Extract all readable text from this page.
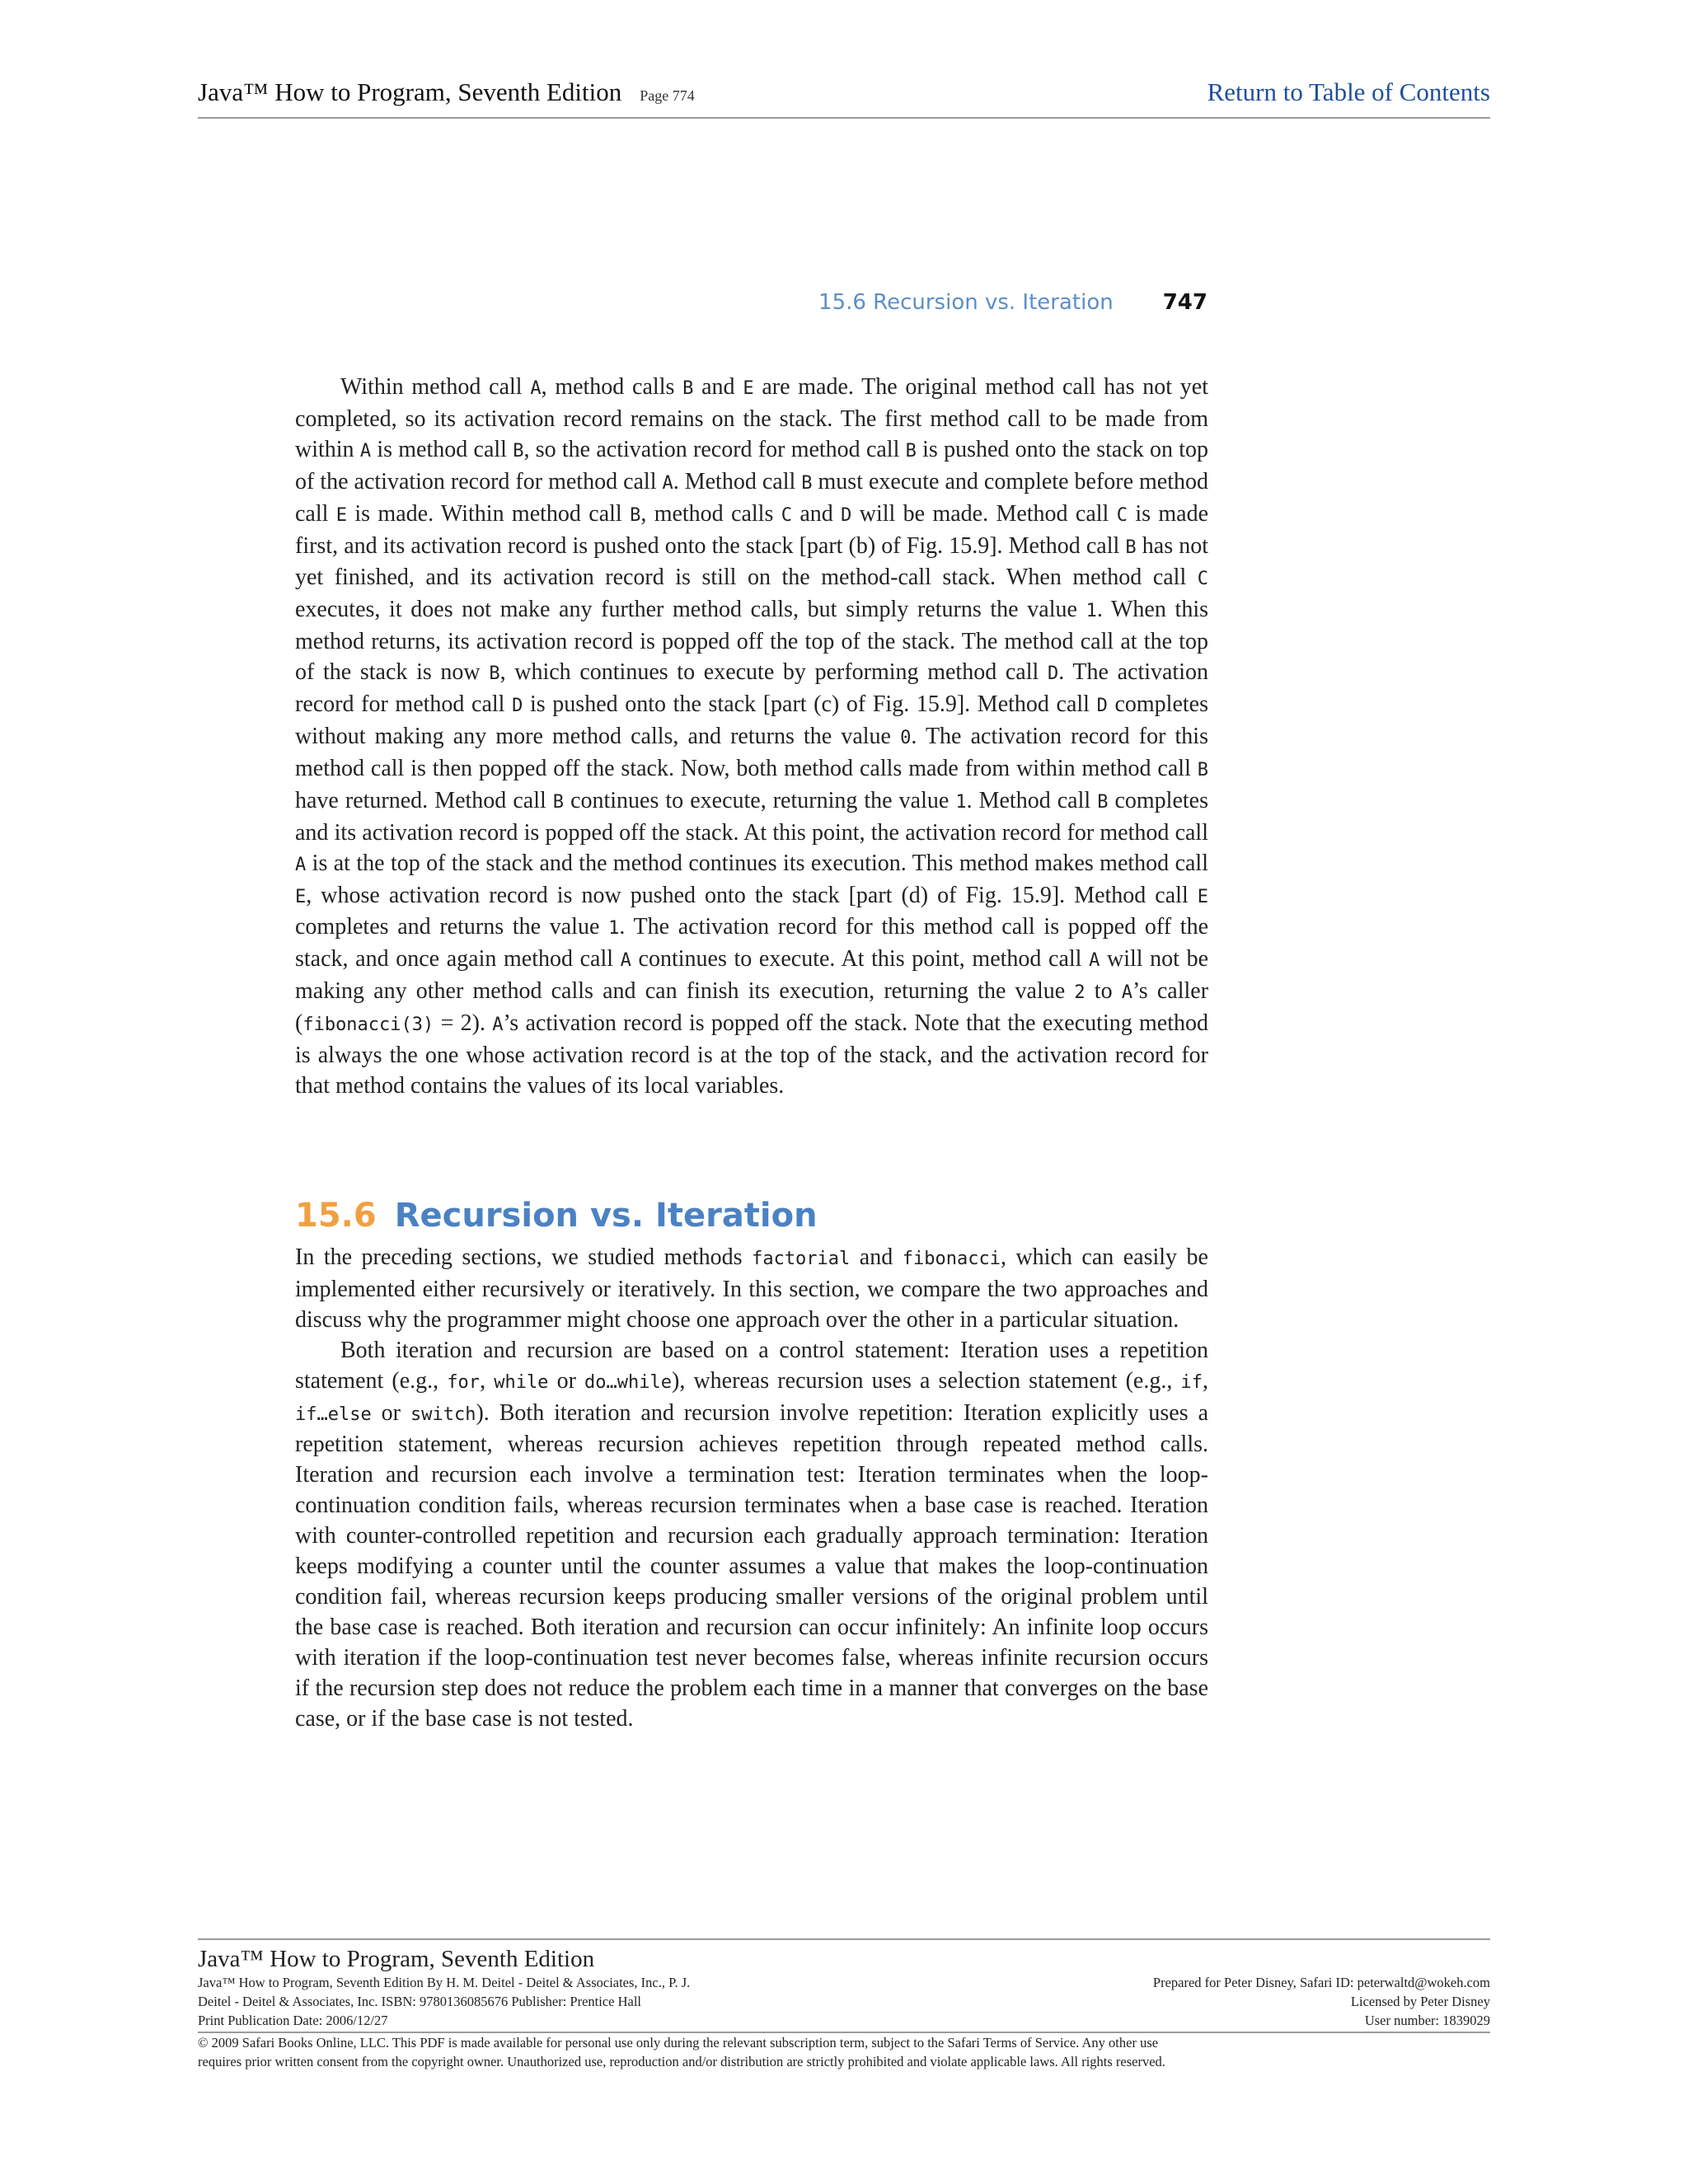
Java™ How to Program, Seventh Edition Page 774	Return to Table of Contents
15.6 Recursion vs. Iteration 747

Within method call A, method calls B and E are made. The original method call has not yet completed, so its activation record remains on the stack. The first method call to be made from within A is method call B, so the activation record for method call B is pushed onto the stack on top of the activation record for method call A. Method call B must execute and complete before method call E is made. Within method call B, method calls C and D will be made. Method call C is made first, and its activation record is pushed onto the stack [part (b) of Fig. 15.9]. Method call B has not yet finished, and its activation record is still on the method-call stack. When method call C executes, it does not make any further method calls, but simply returns the value 1. When this method returns, its activation record is popped off the top of the stack. The method call at the top of the stack is now B, which continues to execute by performing method call D. The activation record for method call D is pushed onto the stack [part (c) of Fig. 15.9]. Method call D completes without making any more method calls, and returns the value 0. The activation record for this method call is then popped off the stack. Now, both method calls made from within method call B have returned. Method call B continues to execute, returning the value 1. Method call B completes and its activation record is popped off the stack. At this point, the activation record for method call A is at the top of the stack and the method continues its execution. This method makes method call E, whose activation record is now pushed onto the stack [part (d) of Fig. 15.9]. Method call E completes and returns the value 1. The activation record for this method call is popped off the stack, and once again method call A continues to execute. At this point, method call A will not be making any other method calls and can finish its execution, returning the value 2 to A’s caller (fibonacci(3) = 2). A’s activation record is popped off the stack. Note that the executing method is always the one whose activation record is at the top of the stack, and the activation record for that method contains the values of its local variables.

15.6 Recursion vs. Iteration

In the preceding sections, we studied methods factorial and fibonacci, which can easily be implemented either recursively or iteratively. In this section, we compare the two approaches and discuss why the programmer might choose one approach over the other in a particular situation.

Both iteration and recursion are based on a control statement: Iteration uses a repetition statement (e.g., for, while or do…while), whereas recursion uses a selection statement (e.g., if, if…else or switch). Both iteration and recursion involve repetition: Iteration explicitly uses a repetition statement, whereas recursion achieves repetition through repeated method calls. Iteration and recursion each involve a termination test: Iteration terminates when the loop-continuation condition fails, whereas recursion terminates when a base case is reached. Iteration with counter-controlled repetition and recursion each gradually approach termination: Iteration keeps modifying a counter until the counter assumes a value that makes the loop-continuation condition fail, whereas recursion keeps producing smaller versions of the original problem until the base case is reached. Both iteration and recursion can occur infinitely: An infinite loop occurs with iteration if the loop-continuation test never becomes false, whereas infinite recursion occurs if the recursion step does not reduce the problem each time in a manner that converges on the base case, or if the base case is not tested.

Java™ How to Program, Seventh Edition
Java™ How to Program, Seventh Edition By H. M. Deitel - Deitel & Associates, Inc., P. J.	Prepared for Peter Disney, Safari ID: peterwaltd@wokeh.com
Deitel - Deitel & Associates, Inc. ISBN: 9780136085676 Publisher: Prentice Hall	Licensed by Peter Disney
Print Publication Date: 2006/12/27	User number: 1839029
© 2009 Safari Books Online, LLC. This PDF is made available for personal use only during the relevant subscription term, subject to the Safari Terms of Service. Any other use
requires prior written consent from the copyright owner. Unauthorized use, reproduction and/or distribution are strictly prohibited and violate applicable laws. All rights reserved.
